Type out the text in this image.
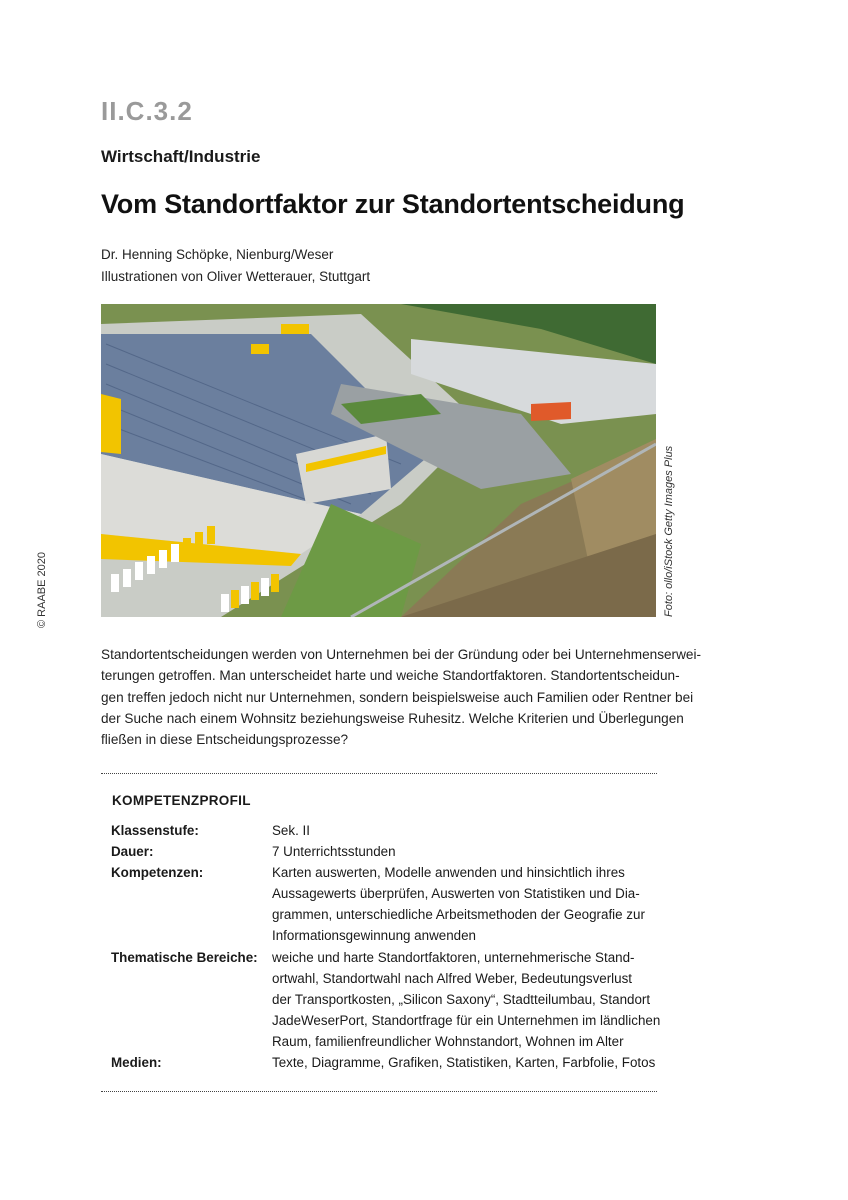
II.C.3.2
Wirtschaft/Industrie
Vom Standortfaktor zur Standortentscheidung
Dr. Henning Schöpke, Nienburg/Weser
Illustrationen von Oliver Wetterauer, Stuttgart
Foto: ollo/iStock Getty Images Plus
© RAABE 2020
Standortentscheidungen werden von Unternehmen bei der Gründung oder bei Unternehmenserwei-
terungen getroffen. Man unterscheidet harte und weiche Standortfaktoren. Standortentscheidun-
gen treffen jedoch nicht nur Unternehmen, sondern beispielsweise auch Familien oder Rentner bei
der Suche nach einem Wohnsitz beziehungsweise Ruhesitz. Welche Kriterien und Überlegungen
fließen in diese Entscheidungsprozesse?
KOMPETENZPROFIL
Klassenstufe:	Sek. II
Dauer:	7 Unterrichtsstunden
Kompetenzen:	Karten auswerten, Modelle anwenden und hinsichtlich ihres
Aussagewerts überprüfen, Auswerten von Statistiken und Dia-
grammen, unterschiedliche Arbeitsmethoden der Geografie zur
Informationsgewinnung anwenden
Thematische Bereiche:	weiche und harte Standortfaktoren, unternehmerische Stand-
ortwahl, Standortwahl nach Alfred Weber, Bedeutungsverlust
der Transportkosten, „Silicon Saxony“, Stadtteilumbau, Standort
JadeWeserPort, Standortfrage für ein Unternehmen im ländlichen
Raum, familienfreundlicher Wohnstandort, Wohnen im Alter
Medien:	Texte, Diagramme, Grafiken, Statistiken, Karten, Farbfolie, Fotos
